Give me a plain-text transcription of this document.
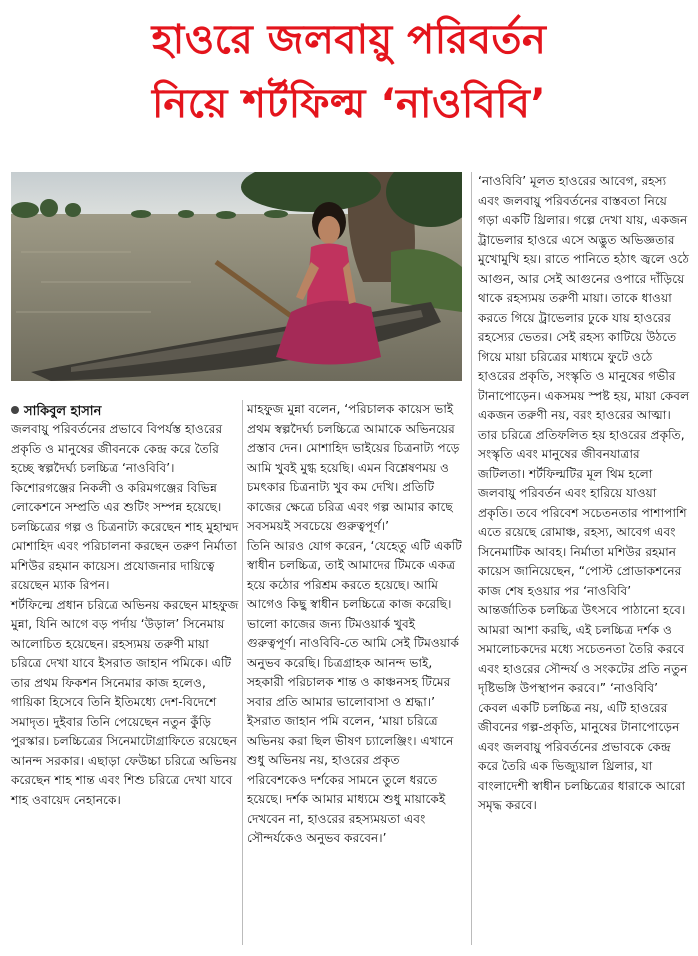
হাওরে জলবায়ু পরিবর্তন
নিয়ে শর্টফিল্ম ‘নাওবিবি’
সাকিবুল হাসান

জলবায়ু পরিবর্তনের প্রভাবে বিপর্যস্ত হাওরের প্রকৃতি ও মানুষের জীবনকে কেন্দ্র করে তৈরি হচ্ছে স্বল্পদৈর্ঘ্য চলচ্চিত্র ‘নাওবিবি’। কিশোরগঞ্জের নিকলী ও করিমগঞ্জের বিভিন্ন লোকেশনে সম্প্রতি এর শুটিং সম্পন্ন হয়েছে।

চলচ্চিত্রের গল্প ও চিত্রনাট্য করেছেন শাহ মুহাম্মদ মোশাহিদ এবং পরিচালনা করছেন তরুণ নির্মাতা মশিউর রহমান কায়েস। প্রযোজনার দায়িত্বে রয়েছেন ম্যাক রিপন।

শর্টফিল্মে প্রধান চরিত্রে অভিনয় করছেন মাহফুজ মুন্না, যিনি আগে বড় পর্দায় ‘উড়াল’ সিনেমায় আলোচিত হয়েছেন। রহস্যময় তরুণী মায়া চরিত্রে দেখা যাবে ইসরাত জাহান পমিকে। এটি তার প্রথম ফিকশন সিনেমার কাজ হলেও, গায়িকা হিসেবে তিনি ইতিমধ্যে দেশ-বিদেশে সমাদৃত। দুইবার তিনি পেয়েছেন নতুন কুঁড়ি পুরস্কার। চলচ্চিত্রের সিনেমাটোগ্রাফিতে রয়েছেন আনন্দ সরকার। এছাড়া ফেউচ্চা চরিত্রে অভিনয় করেছেন শাহ শান্ত এবং শিশু চরিত্রে দেখা যাবে শাহ ওবায়েদ নেহানকে।

মাহফুজ মুন্না বলেন, ‘পরিচালক কায়েস ভাই প্রথম স্বল্পদৈর্ঘ্য চলচ্চিত্রে আমাকে অভিনয়ের প্রস্তাব দেন। মোশাহিদ ভাইয়ের চিত্রনাট্য পড়ে আমি খুবই মুগ্ধ হয়েছি। এমন বিশ্লেষণময় ও চমৎকার চিত্রনাট্য খুব কম দেখি। প্রতিটি কাজের ক্ষেত্রে চরিত্র এবং গল্প আমার কাছে সবসময়ই সবচেয়ে গুরুত্বপূর্ণ।’

তিনি আরও যোগ করেন, ‘যেহেতু এটি একটি স্বাধীন চলচ্চিত্র, তাই আমাদের টিমকে একত্র হয়ে কঠোর পরিশ্রম করতে হয়েছে। আমি আগেও কিছু স্বাধীন চলচ্চিত্রে কাজ করেছি। ভালো কাজের জন্য টিমওয়ার্ক খুবই গুরুত্বপূর্ণ। নাওবিবি-তে আমি সেই টিমওয়ার্ক অনুভব করেছি। চিত্রগ্রাহক আনন্দ ভাই, সহকারী পরিচালক শান্ত ও কাঞ্চনসহ টিমের সবার প্রতি আমার ভালোবাসা ও শ্রদ্ধা।’

ইসরাত জাহান পমি বলেন, ‘মায়া চরিত্রে অভিনয় করা ছিল ভীষণ চ্যালেঞ্জিং। এখানে শুধু অভিনয় নয়, হাওরের প্রকৃত পরিবেশকেও দর্শকের সামনে তুলে ধরতে হয়েছে। দর্শক আমার মাধ্যমে শুধু মায়াকেই দেখবেন না, হাওরের রহস্যময়তা এবং সৌন্দর্যকেও অনুভব করবেন।’

‘নাওবিবি’ মূলত হাওরের আবেগ, রহস্য এবং জলবায়ু পরিবর্তনের বাস্তবতা নিয়ে গড়া একটি থ্রিলার। গল্পে দেখা যায়, একজন ট্রাভেলার হাওরে এসে অদ্ভুত অভিজ্ঞতার মুখোমুখি হয়। রাতে পানিতে হঠাৎ জ্বলে ওঠে আগুন, আর সেই আগুনের ওপারে দাঁড়িয়ে থাকে রহস্যময় তরুণী মায়া। তাকে ধাওয়া করতে গিয়ে ট্রাভেলার ঢুকে যায় হাওরের রহস্যের ভেতর। সেই রহস্য কাটিয়ে উঠতে গিয়ে মায়া চরিত্রের মাধ্যমে ফুটে ওঠে হাওরের প্রকৃতি, সংস্কৃতি ও মানুষের গভীর টানাপোড়েন। একসময় স্পষ্ট হয়, মায়া কেবল একজন তরুণী নয়, বরং হাওরের আত্মা। তার চরিত্রে প্রতিফলিত হয় হাওরের প্রকৃতি, সংস্কৃতি এবং মানুষের জীবনযাত্রার জটিলতা। শর্টফিল্মটির মূল থিম হলো জলবায়ু পরিবর্তন এবং হারিয়ে যাওয়া প্রকৃতি। তবে পরিবেশ সচেতনতার পাশাপাশি এতে রয়েছে রোমাঞ্চ, রহস্য, আবেগ এবং সিনেমাটিক আবহ। নির্মাতা মশিউর রহমান কায়েস জানিয়েছেন, “পোস্ট প্রোডাকশনের কাজ শেষ হওয়ার পর ‘নাওবিবি’ আন্তর্জাতিক চলচ্চিত্র উৎসবে পাঠানো হবে। আমরা আশা করছি, এই চলচ্চিত্র দর্শক ও সমালোচকদের মধ্যে সচেতনতা তৈরি করবে এবং হাওরের সৌন্দর্য ও সংকটের প্রতি নতুন দৃষ্টিভঙ্গি উপস্থাপন করবে।” ‘নাওবিবি’ কেবল একটি চলচ্চিত্র নয়, এটি হাওরের জীবনের গল্প-প্রকৃতি, মানুষের টানাপোড়েন এবং জলবায়ু পরিবর্তনের প্রভাবকে কেন্দ্র করে তৈরি এক ভিজ্যুয়াল থ্রিলার, যা বাংলাদেশী স্বাধীন চলচ্চিত্রের ধারাকে আরো সমৃদ্ধ করবে।
